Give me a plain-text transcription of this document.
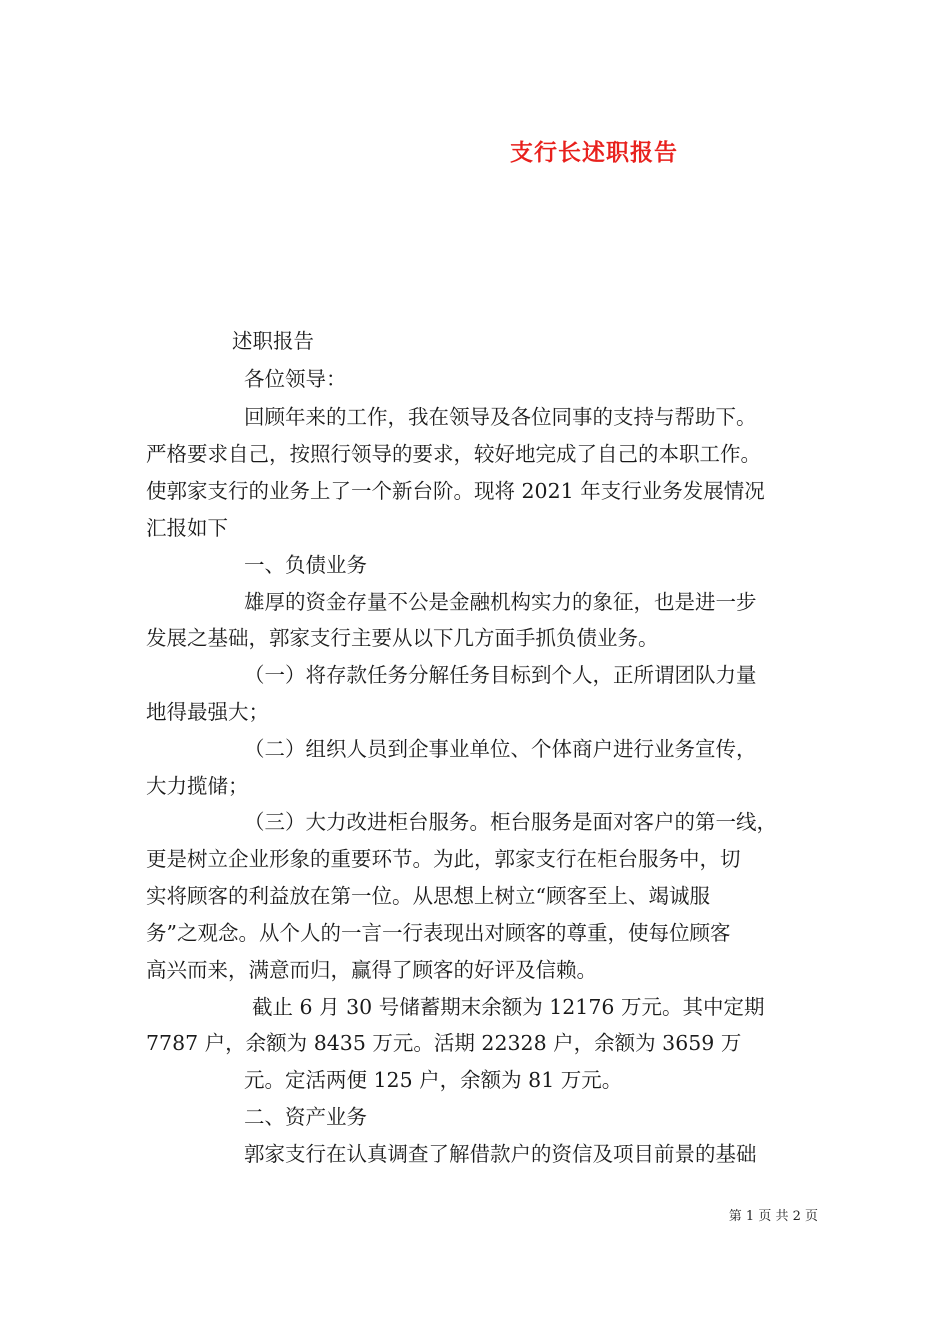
支行长述职报告
述职报告
各位领导：
回顾年来的工作，我在领导及各位同事的支持与帮助下。
严格要求自己，按照行领导的要求，较好地完成了自己的本职工作。
使郭家支行的业务上了一个新台阶。现将 2021 年支行业务发展情况
汇报如下
一、负债业务
雄厚的资金存量不公是金融机构实力的象征，也是进一步
发展之基础，郭家支行主要从以下几方面手抓负债业务。
（一）将存款任务分解任务目标到个人，正所谓团队力量
地得最强大；
（二）组织人员到企事业单位、个体商户进行业务宣传，
大力揽储；
（三）大力改进柜台服务。柜台服务是面对客户的第一线，
更是树立企业形象的重要环节。为此，郭家支行在柜台服务中，切
实将顾客的利益放在第一位。从思想上树立“顾客至上、竭诚服
务”之观念。从个人的一言一行表现出对顾客的尊重，使每位顾客
高兴而来，满意而归，赢得了顾客的好评及信赖。
截止 6 月 30 号储蓄期末余额为 12176 万元。其中定期
7787 户，余额为 8435 万元。活期 22328 户，余额为 3659 万
元。定活两便 125 户，余额为 81 万元。
二、资产业务
郭家支行在认真调查了解借款户的资信及项目前景的基础
第 1 页 共 2 页
